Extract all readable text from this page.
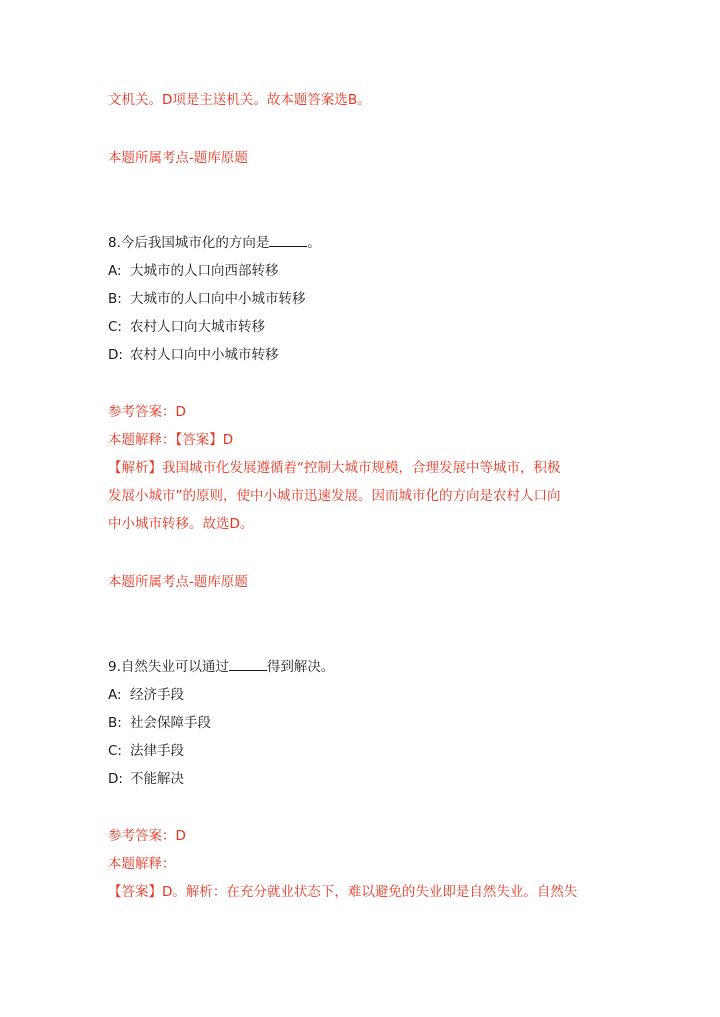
文机关。D项是主送机关。故本题答案选B。
本题所属考点-题库原题
8.今后我国城市化的方向是	。
A: 大城市的人口向西部转移
B: 大城市的人口向中小城市转移
C: 农村人口向大城市转移
D: 农村人口向中小城市转移
参考答案：D
本题解释：【答案】D
【解析】我国城市化发展遵循着“控制大城市规模，合理发展中等城市，积极
发展小城市”的原则，使中小城市迅速发展。因而城市化的方向是农村人口向
中小城市转移。故选D。
本题所属考点-题库原题
9.自然失业可以通过	得到解决。
A: 经济手段
B: 社会保障手段
C: 法律手段
D: 不能解决
参考答案：D
本题解释：
【答案】D。解析：在充分就业状态下，难以避免的失业即是自然失业。自然失
